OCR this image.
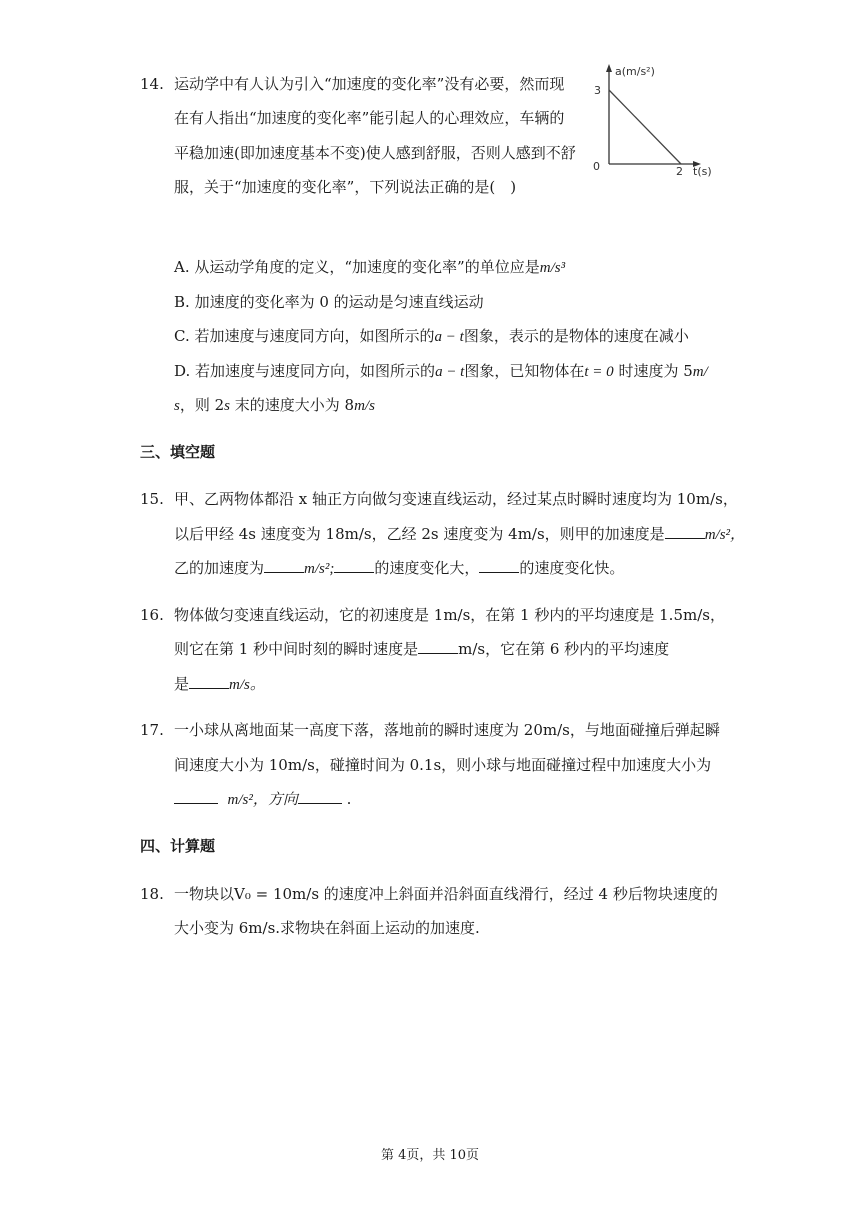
14. 运动学中有人认为引入“加速度的变化率”没有必要，然而现
在有人指出“加速度的变化率”能引起人的心理效应，车辆的
平稳加速(即加速度基本不变)使人感到舒服，否则人感到不舒
服，关于“加速度的变化率”，下列说法正确的是(　)
a(m/s²)
3
0	2 t(s)
A. 从运动学角度的定义，“加速度的变化率”的单位应是m/s³
B. 加速度的变化率为 0 的运动是匀速直线运动
C. 若加速度与速度同方向，如图所示的a − t图象，表示的是物体的速度在减小
D. 若加速度与速度同方向，如图所示的a − t图象，已知物体在t = 0 时速度为 5m/
s，则 2s 末的速度大小为 8m/s
三、填空题
15. 甲、乙两物体都沿 x 轴正方向做匀变速直线运动，经过某点时瞬时速度均为 10m/s，
以后甲经 4s 速度变为 18m/s，乙经 2s 速度变为 4m/s，则甲的加速度是	m/s²，
乙的加速度为	m/s²;	的速度变化大，	的速度变化快。
16. 物体做匀变速直线运动，它的初速度是 1m/s，在第 1 秒内的平均速度是 1.5m/s，
则它在第 1 秒中间时刻的瞬时速度是	m/s，它在第 6 秒内的平均速度
是	m/s。
17. 一小球从离地面某一高度下落，落地前的瞬时速度为 20m/s，与地面碰撞后弹起瞬
间速度大小为 10m/s，碰撞时间为 0.1s，则小球与地面碰撞过程中加速度大小为
m/s²，方向	.
四、计算题
18. 一物块以V₀ = 10m/s 的速度冲上斜面并沿斜面直线滑行，经过 4 秒后物块速度的
大小变为 6m/s.求物块在斜面上运动的加速度.
第 4页，共 10页
